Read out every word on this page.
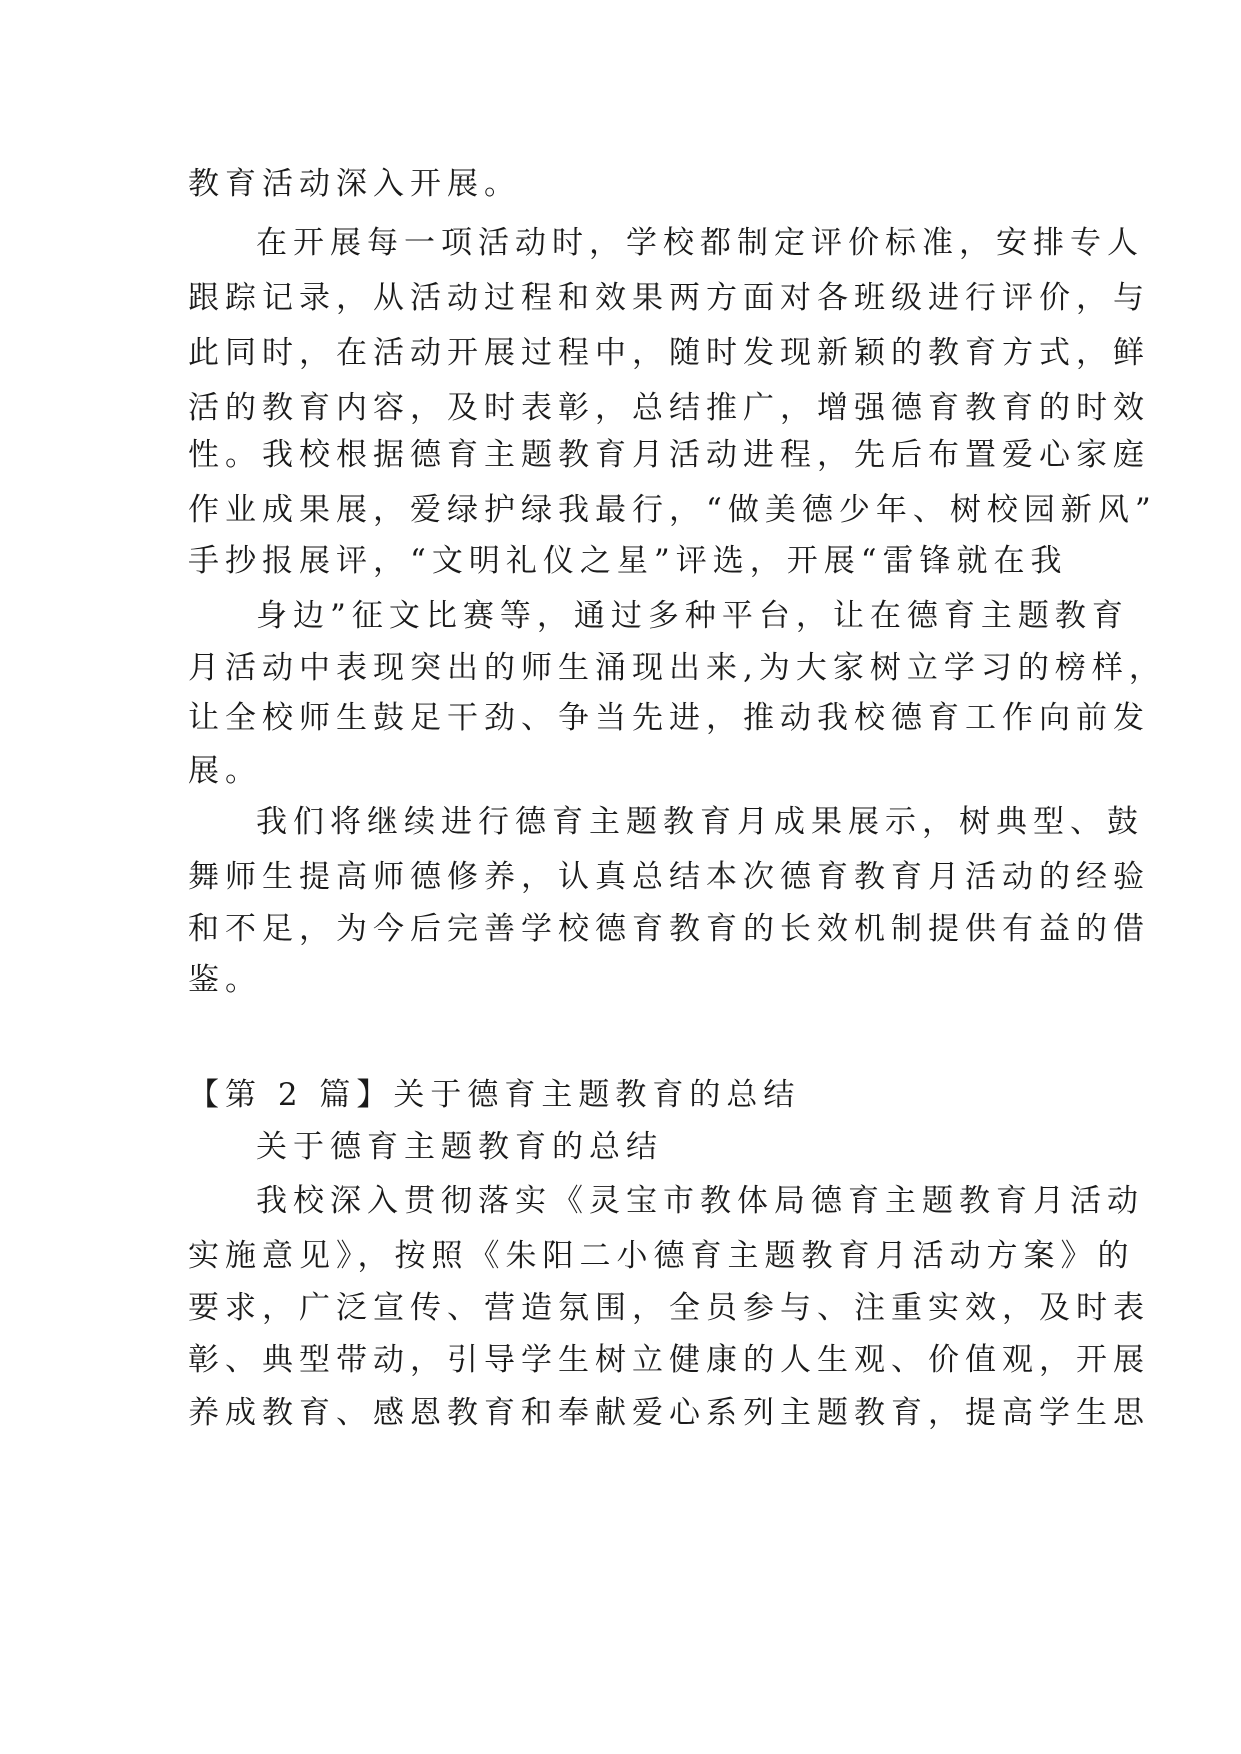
教育活动深入开展。
在开展每一项活动时，学校都制定评价标准，安排专人
跟踪记录，从活动过程和效果两方面对各班级进行评价，与
此同时，在活动开展过程中，随时发现新颖的教育方式，鲜
活的教育内容，及时表彰，总结推广，增强德育教育的时效
性。我校根据德育主题教育月活动进程，先后布置爱心家庭
作业成果展，爱绿护绿我最行，“做美德少年、树校园新风”
手抄报展评，“文明礼仪之星”评选，开展“雷锋就在我
身边”征文比赛等，通过多种平台，让在德育主题教育
月活动中表现突出的师生涌现出来,为大家树立学习的榜样，
让全校师生鼓足干劲、争当先进，推动我校德育工作向前发
展。
我们将继续进行德育主题教育月成果展示，树典型、鼓
舞师生提高师德修养，认真总结本次德育教育月活动的经验
和不足，为今后完善学校德育教育的长效机制提供有益的借
鉴。
【第 2 篇】关于德育主题教育的总结
关于德育主题教育的总结
我校深入贯彻落实《灵宝市教体局德育主题教育月活动
实施意见》，按照《朱阳二小德育主题教育月活动方案》的
要求，广泛宣传、营造氛围，全员参与、注重实效，及时表
彰、典型带动，引导学生树立健康的人生观、价值观，开展
养成教育、感恩教育和奉献爱心系列主题教育，提高学生思
